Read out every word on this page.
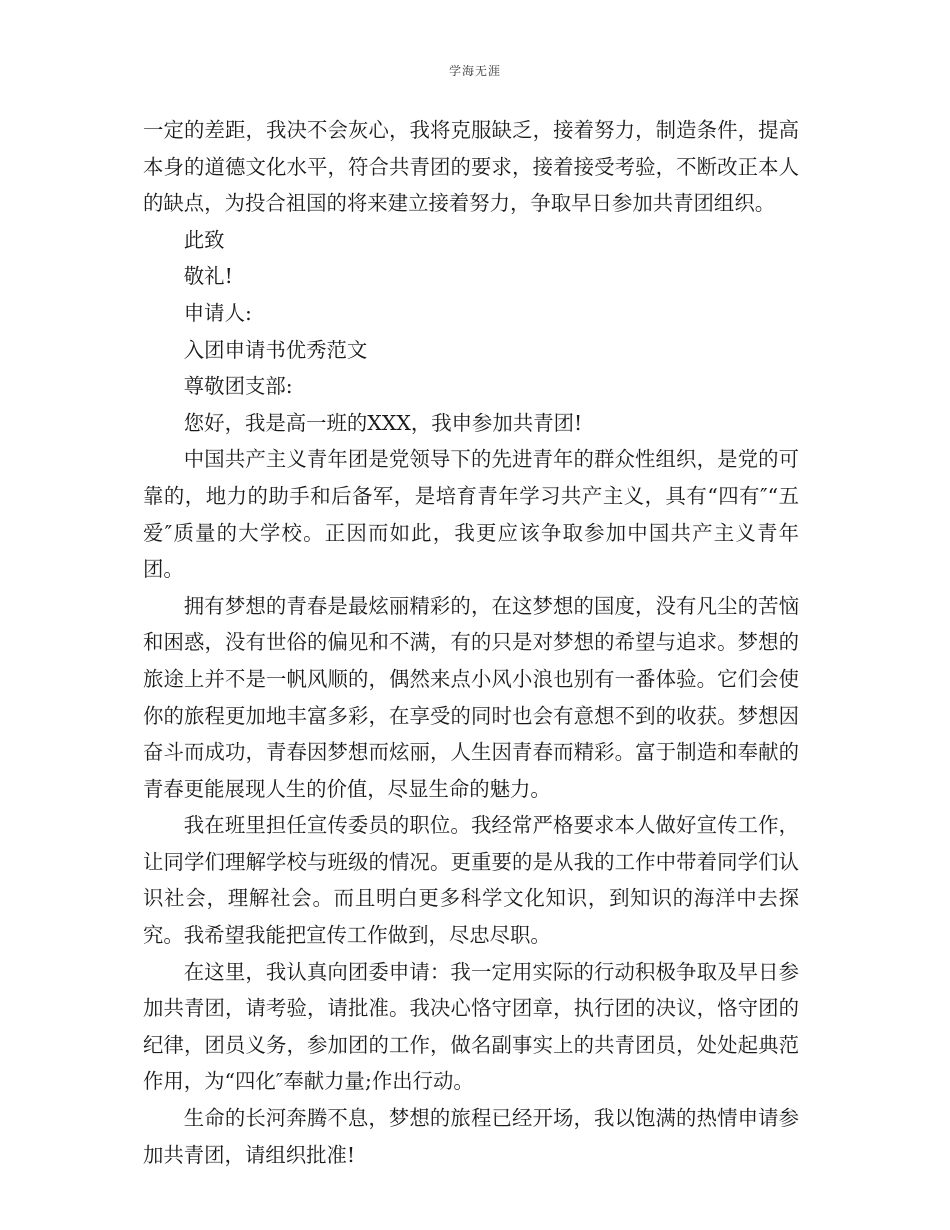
学海无涯

一定的差距，我决不会灰心，我将克服缺乏，接着努力，制造条件，提高本身的道德文化水平，符合共青团的要求，接着接受考验，不断改正本人的缺点，为投合祖国的将来建立接着努力，争取早日参加共青团组织。

此致

敬礼!

申请人:

入团申请书优秀范文

尊敬团支部:

您好，我是高一班的XXX，我申参加共青团!

中国共产主义青年团是党领导下的先进青年的群众性组织，是党的可靠的，地力的助手和后备军，是培育青年学习共产主义，具有“四有″“五爱″质量的大学校。正因而如此，我更应该争取参加中国共产主义青年团。

拥有梦想的青春是最炫丽精彩的，在这梦想的国度，没有凡尘的苦恼和困惑，没有世俗的偏见和不满，有的只是对梦想的希望与追求。梦想的旅途上并不是一帆风顺的，偶然来点小风小浪也别有一番体验。它们会使你的旅程更加地丰富多彩，在享受的同时也会有意想不到的收获。梦想因奋斗而成功，青春因梦想而炫丽，人生因青春而精彩。富于制造和奉献的青春更能展现人生的价值，尽显生命的魅力。

我在班里担任宣传委员的职位。我经常严格要求本人做好宣传工作，让同学们理解学校与班级的情况。更重要的是从我的工作中带着同学们认识社会，理解社会。而且明白更多科学文化知识，到知识的海洋中去探究。我希望我能把宣传工作做到，尽忠尽职。

在这里，我认真向团委申请：我一定用实际的行动积极争取及早日参加共青团，请考验，请批准。我决心恪守团章，执行团的决议，恪守团的纪律，团员义务，参加团的工作，做名副事实上的共青团员，处处起典范作用，为“四化″奉献力量;作出行动。

生命的长河奔腾不息，梦想的旅程已经开场，我以饱满的热情申请参加共青团，请组织批准!
